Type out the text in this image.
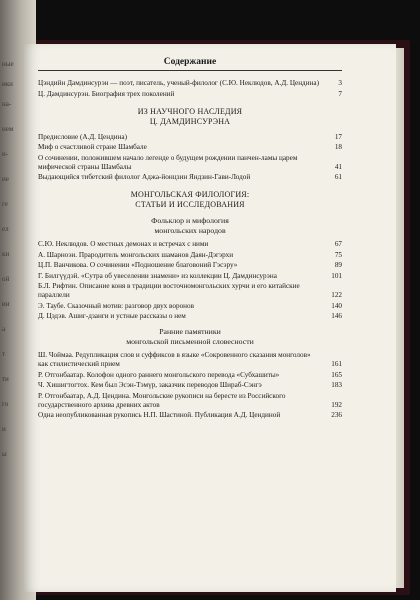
ные
ики
на-
нем
и-
не
ге
ел
ки
ой
ии
а
т
ти
го
и
ы
Содержание
Цэндийн Дамдинсурэн — поэт, писатель, ученый-филолог (С.Ю. Неклюдов, А.Д. Цендина)	3
Ц. Дамдинсурэн. Биография трех поколений	7
ИЗ НАУЧНОГО НАСЛЕДИЯ
Ц. ДАМДИНСУРЭНА
Предисловие (А.Д. Цендина)	17
Миф о счастливой стране Шамбале	18
О сочинении, положившем начало легенде о будущем рождении панчен-ламы царем мифической страны Шамбалы	41
Выдающийся тибетский филолог Аджа-йонцзин Яндзин-Гави-Лодой	61
МОНГОЛЬСКАЯ ФИЛОЛОГИЯ:
СТАТЬИ И ИССЛЕДОВАНИЯ
Фольклор и мифология
монгольских народов
С.Ю. Неклюдов. О местных демонах и встречах с ними	67
А. Шарноэи. Прародитель монгольских шаманов Даян-Дэгэрхи	75
Ц.П. Ванчикова. О сочинении «Подношение благовоний Гэсэру»	89
Г. Билгүүдэй. «Сутра об увеселении знамени» из коллекции Ц. Дамдинсурэна	101
Б.Л. Рифтин. Описание коня в традиции восточномонгольских хурчи и его китайские параллели	122
Э. Таубе. Сказочный мотив: разговор двух воронов	140
Д. Цэдэв. Ашиг-дзанги и устные рассказы о нем	146
Ранние памятники
монгольской письменной словесности
Ш. Чоймаа. Редупликация слов и суффиксов в языке «Сокровенного сказания монголов» как стилистический прием	161
Р. Отгонбаатар. Колофон одного раннего монгольского перевода «Субхашиты»	165
Ч. Хишигтогтох. Кем был Эсэн-Тэмүр, заказчик переводов Шираб-Сэнгэ	183
Р. Отгонбаатар, А.Д. Цендина. Монгольские рукописи на бересте из Российского государственного архива древних актов	192
Одна неопубликованная рукопись Н.П. Шастиной. Публикация А.Д. Цендиной	236
